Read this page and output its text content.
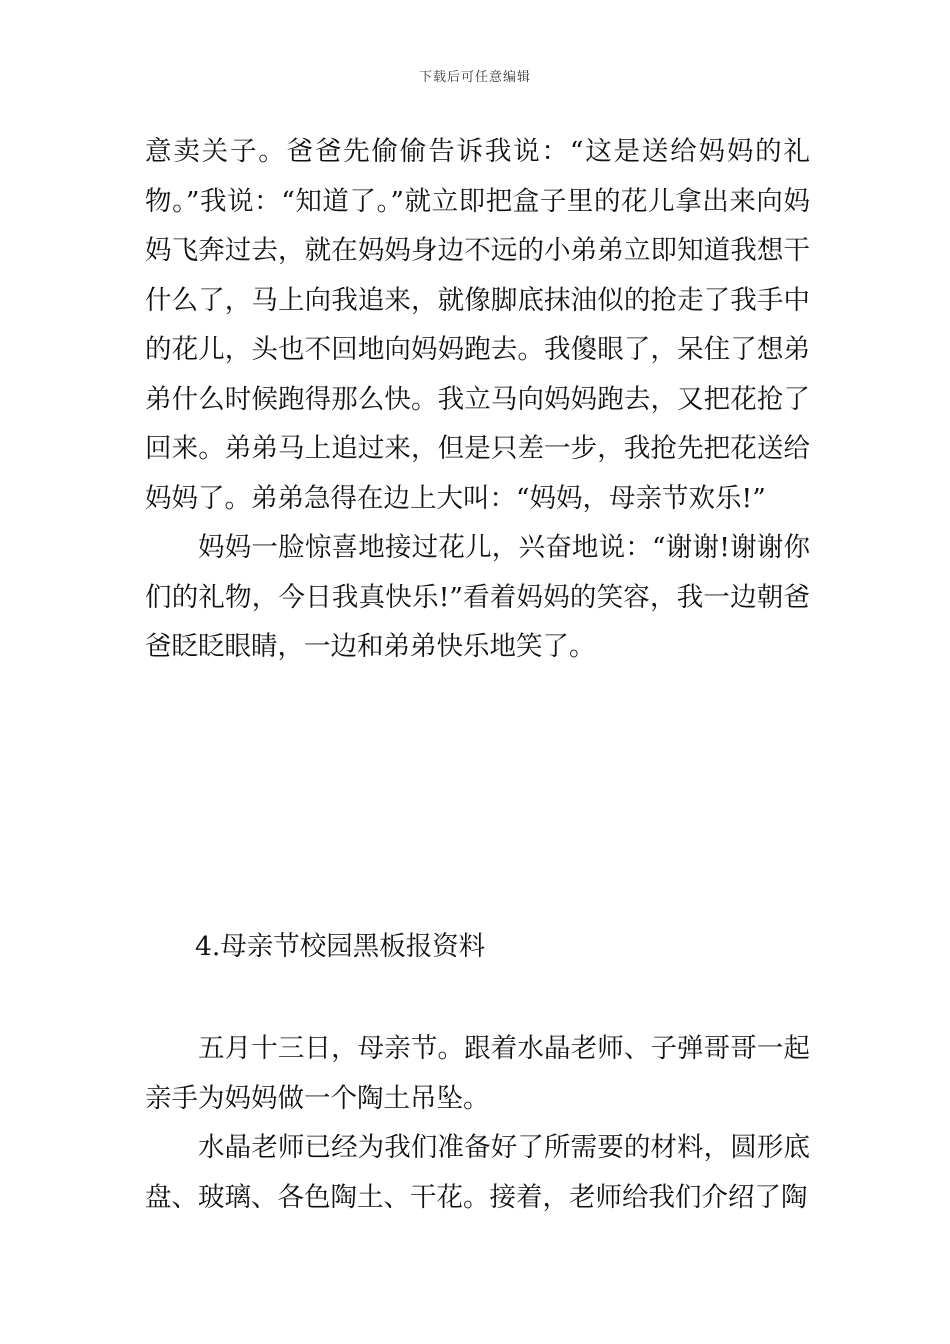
下载后可任意编辑

意卖关子。爸爸先偷偷告诉我说：“这是送给妈妈的礼物。”我说：“知道了。”就立即把盒子里的花儿拿出来向妈妈飞奔过去，就在妈妈身边不远的小弟弟立即知道我想干什么了，马上向我追来，就像脚底抹油似的抢走了我手中的花儿，头也不回地向妈妈跑去。我傻眼了，呆住了想弟弟什么时候跑得那么快。我立马向妈妈跑去，又把花抢了回来。弟弟马上追过来，但是只差一步，我抢先把花送给妈妈了。弟弟急得在边上大叫：“妈妈，母亲节欢乐!”

妈妈一脸惊喜地接过花儿，兴奋地说：“谢谢!谢谢你们的礼物，今日我真快乐!”看着妈妈的笑容，我一边朝爸爸眨眨眼睛，一边和弟弟快乐地笑了。

4.母亲节校园黑板报资料

五月十三日，母亲节。跟着水晶老师、子弹哥哥一起亲手为妈妈做一个陶土吊坠。

水晶老师已经为我们准备好了所需要的材料，圆形底盘、玻璃、各色陶土、干花。接着，老师给我们介绍了陶
